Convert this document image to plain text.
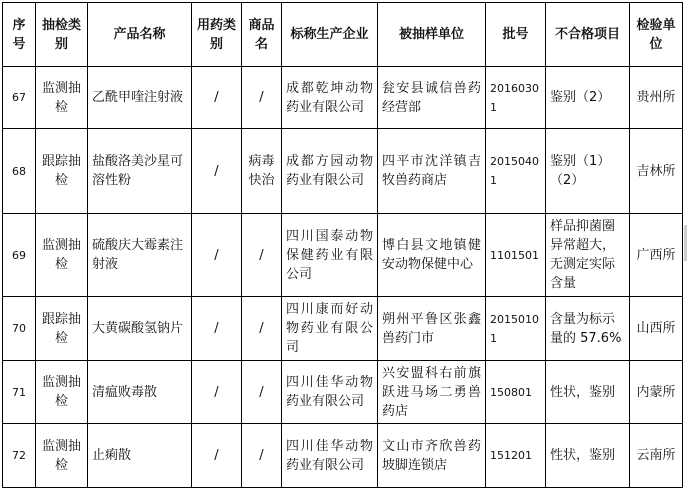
序号	抽检类别	产品名称	用药类别	商品名	标称生产企业	被抽样单位	批号	不合格项目	检验单位
67	监测抽检	乙酰甲喹注射液	/	/	成都乾坤动物药业有限公司	瓮安县诚信兽药经营部	20160301	鉴别（2）	贵州所
68	跟踪抽检	盐酸洛美沙星可溶性粉	/	病毒快治	成都方园动物药业有限公司	四平市沈洋镇吉牧兽药商店	20150401	鉴别（1）（2）	吉林所
69	监测抽检	硫酸庆大霉素注射液	/	/	四川国泰动物保健药业有限公司	博白县文地镇健安动物保健中心	1101501	样品抑菌圈异常超大，无测定实际含量	广西所
70	跟踪抽检	大黄碳酸氢钠片	/	/	四川康而好动物药业有限公司	朔州平鲁区张鑫兽药门市	20150101	含量为标示量的 57.6%	山西所
71	监测抽检	清瘟败毒散	/	/	四川佳华动物药业有限公司	兴安盟科右前旗跃进马场二勇兽药店	150801	性状，鉴别	内蒙所
72	监测抽检	止痢散	/	/	四川佳华动物药业有限公司	文山市齐欣兽药坡脚连锁店	151201	性状，鉴别	云南所
